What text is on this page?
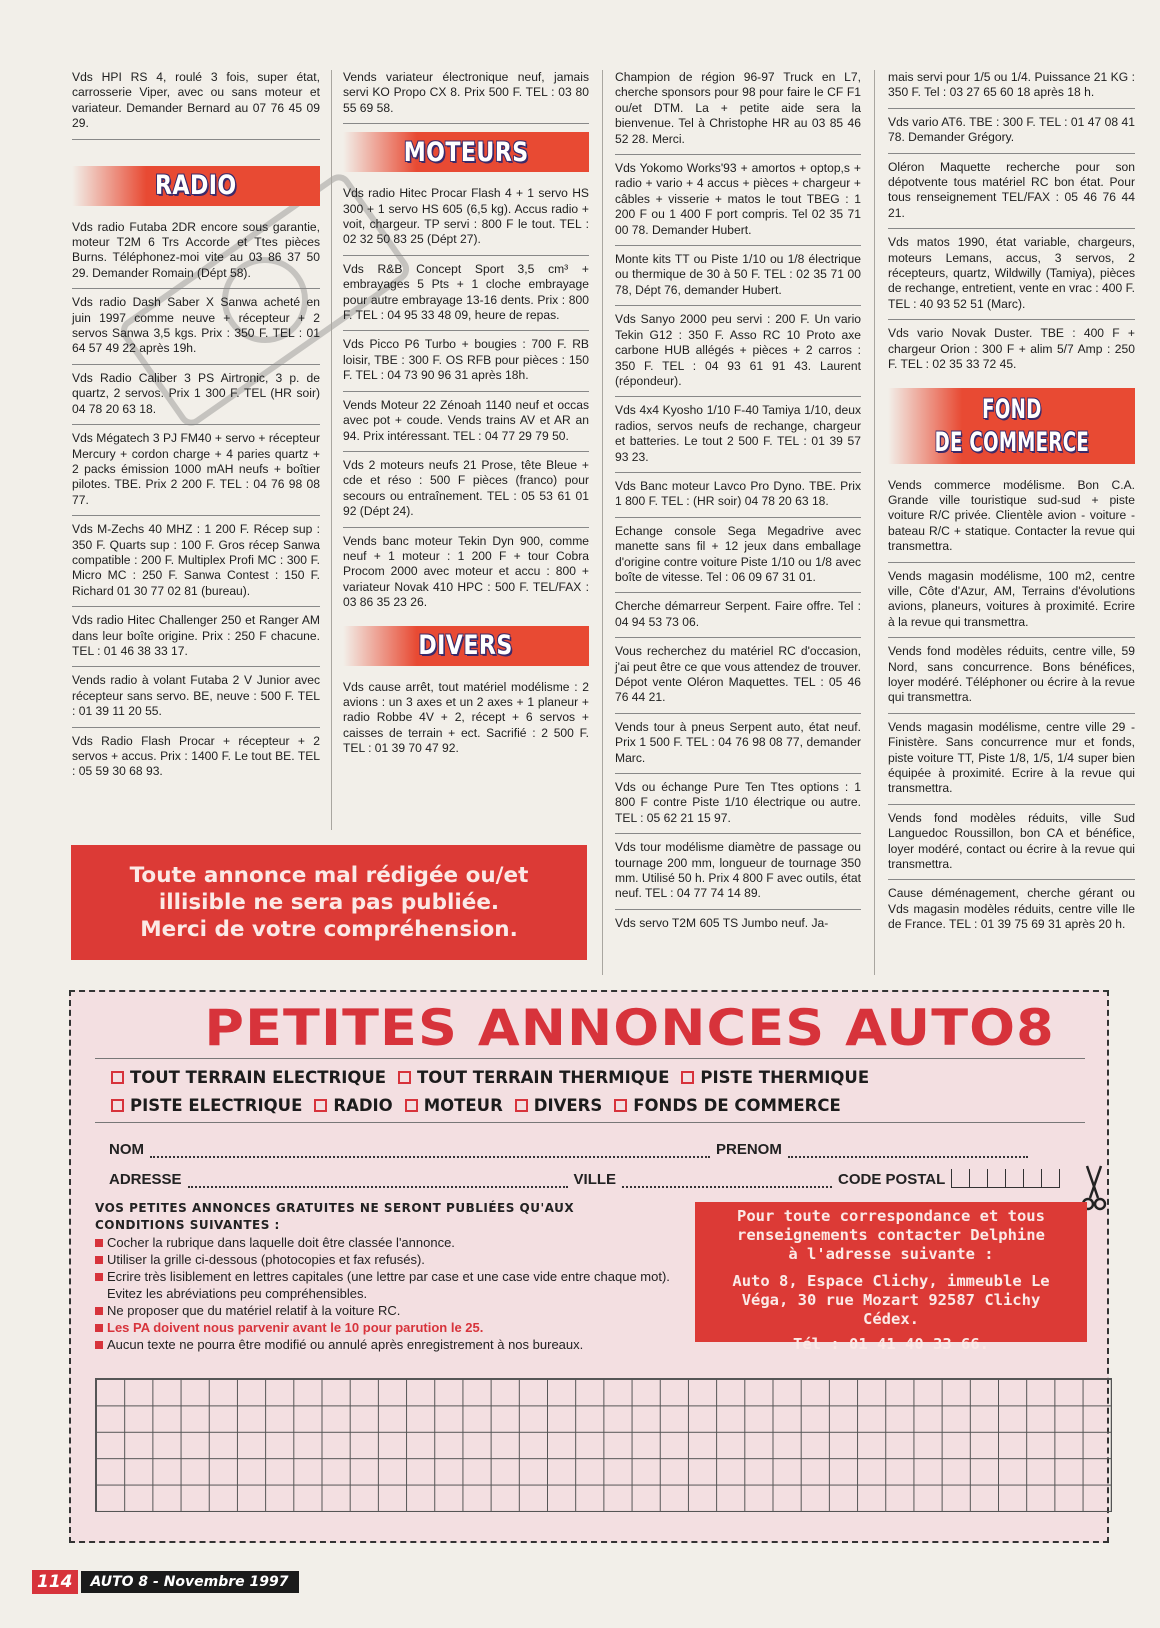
Vds HPI RS 4, roulé 3 fois, super état, carrosserie Viper, avec ou sans moteur et variateur. Demander Bernard au 07 76 45 09 29.

RADIO

Vds radio Futaba 2DR encore sous garantie, moteur T2M 6 Trs Accorde et Ttes pièces Burns. Téléphonez-moi vite au 03 86 37 50 29. Demander Romain (Dépt 58).

Vds radio Dash Saber X Sanwa acheté en juin 1997 comme neuve + récepteur + 2 servos Sanwa 3,5 kgs. Prix : 350 F. TEL : 01 64 57 49 22 après 19h.

Vds Radio Caliber 3 PS Airtronic, 3 p. de quartz, 2 servos. Prix 1 300 F. TEL (HR soir) 04 78 20 63 18.

Vds Mégatech 3 PJ FM40 + servo + récepteur Mercury + cordon charge + 4 paries quartz + 2 packs émission 1000 mAH neufs + boîtier pilotes. TBE. Prix 2 200 F. TEL : 04 76 98 08 77.

Vds M-Zechs 40 MHZ : 1 200 F. Récep sup : 350 F. Quarts sup : 100 F. Gros récep Sanwa compatible : 200 F. Multiplex Profi MC : 300 F. Micro MC : 250 F. Sanwa Contest : 150 F. Richard 01 30 77 02 81 (bureau).

Vds radio Hitec Challenger 250 et Ranger AM dans leur boîte origine. Prix : 250 F chacune. TEL : 01 46 38 33 17.

Vends radio à volant Futaba 2 V Junior avec récepteur sans servo. BE, neuve : 500 F. TEL : 01 39 11 20 55.

Vds Radio Flash Procar + récepteur + 2 servos + accus. Prix : 1400 F. Le tout BE. TEL : 05 59 30 68 93.

Vends variateur électronique neuf, jamais servi KO Propo CX 8. Prix 500 F. TEL : 03 80 55 69 58.

MOTEURS

Vds radio Hitec Procar Flash 4 + 1 servo HS 300 + 1 servo HS 605 (6,5 kg). Accus radio + voit, chargeur. TP servi : 800 F le tout. TEL : 02 32 50 83 25 (Dépt 27).

Vds R&B Concept Sport 3,5 cm³ + embrayages 5 Pts + 1 cloche embrayage pour autre embrayage 13-16 dents. Prix : 800 F. TEL : 04 95 33 48 09, heure de repas.

Vds Picco P6 Turbo + bougies : 700 F. RB loisir, TBE : 300 F. OS RFB pour pièces : 150 F. TEL : 04 73 90 96 31 après 18h.

Vends Moteur 22 Zénoah 1140 neuf et occas avec pot + coude. Vends trains AV et AR an 94. Prix intéressant. TEL : 04 77 29 79 50.

Vds 2 moteurs neufs 21 Prose, tête Bleue + cde et réso : 500 F pièces (franco) pour secours ou entraînement. TEL : 05 53 61 01 92 (Dépt 24).

Vends banc moteur Tekin Dyn 900, comme neuf + 1 moteur : 1 200 F + tour Cobra Procom 2000 avec moteur et accu : 800 + variateur Novak 410 HPC : 500 F. TEL/FAX : 03 86 35 23 26.

DIVERS

Vds cause arrêt, tout matériel modélisme : 2 avions : un 3 axes et un 2 axes + 1 planeur + radio Robbe 4V + 2, récept + 6 servos + caisses de terrain + ect. Sacrifié : 2 500 F. TEL : 01 39 70 47 92.

Champion de région 96-97 Truck en L7, cherche sponsors pour 98 pour faire le CF F1 ou/et DTM. La + petite aide sera la bienvenue. Tel à Christophe HR au 03 85 46 52 28. Merci.

Vds Yokomo Works'93 + amortos + optop,s + radio + vario + 4 accus + pièces + chargeur + câbles + visserie + matos le tout TBEG : 1 200 F ou 1 400 F port compris. Tel 02 35 71 00 78. Demander Hubert.

Monte kits TT ou Piste 1/10 ou 1/8 électrique ou thermique de 30 à 50 F. TEL : 02 35 71 00 78, Dépt 76, demander Hubert.

Vds Sanyo 2000 peu servi : 200 F. Un vario Tekin G12 : 350 F. Asso RC 10 Proto axe carbone HUB allégés + pièces + 2 carros : 350 F. TEL : 04 93 61 91 43. Laurent (répondeur).

Vds 4x4 Kyosho 1/10 F-40 Tamiya 1/10, deux radios, servos neufs de rechange, chargeur et batteries. Le tout 2 500 F. TEL : 01 39 57 93 23.

Vds Banc moteur Lavco Pro Dyno. TBE. Prix 1 800 F. TEL : (HR soir) 04 78 20 63 18.

Echange console Sega Megadrive avec manette sans fil + 12 jeux dans emballage d'origine contre voiture Piste 1/10 ou 1/8 avec boîte de vitesse. Tel : 06 09 67 31 01.

Cherche démarreur Serpent. Faire offre. Tel : 04 94 53 73 06.

Vous recherchez du matériel RC d'occasion, j'ai peut être ce que vous attendez de trouver. Dépot vente Oléron Maquettes. TEL : 05 46 76 44 21.

Vends tour à pneus Serpent auto, état neuf. Prix 1 500 F. TEL : 04 76 98 08 77, demander Marc.

Vds ou échange Pure Ten Ttes options : 1 800 F contre Piste 1/10 électrique ou autre. TEL : 05 62 21 15 97.

Vds tour modélisme diamètre de passage ou tournage 200 mm, longueur de tournage 350 mm. Utilisé 50 h. Prix 4 800 F avec outils, état neuf. TEL : 04 77 74 14 89.

Vds servo T2M 605 TS Jumbo neuf. Ja-

mais servi pour 1/5 ou 1/4. Puissance 21 KG : 350 F. Tel : 03 27 65 60 18 après 18 h.

Vds vario AT6. TBE : 300 F. TEL : 01 47 08 41 78. Demander Grégory.

Oléron Maquette recherche pour son dépotvente tous matériel RC bon état. Pour tous renseignement TEL/FAX : 05 46 76 44 21.

Vds matos 1990, état variable, chargeurs, moteurs Lemans, accus, 3 servos, 2 récepteurs, quartz, Wildwilly (Tamiya), pièces de rechange, entretient, vente en vrac : 400 F. TEL : 40 93 52 51 (Marc).

Vds vario Novak Duster. TBE : 400 F + chargeur Orion : 300 F + alim 5/7 Amp : 250 F. TEL : 02 35 33 72 45.

FOND
DE COMMERCE

Vends commerce modélisme. Bon C.A. Grande ville touristique sud-sud + piste voiture R/C privée. Clientèle avion - voiture - bateau R/C + statique. Contacter la revue qui transmettra.

Vends magasin modélisme, 100 m2, centre ville, Côte d'Azur, AM, Terrains d'évolutions avions, planeurs, voitures à proximité. Ecrire à la revue qui transmettra.

Vends fond modèles réduits, centre ville, 59 Nord, sans concurrence. Bons bénéfices, loyer modéré. Téléphoner ou écrire à la revue qui transmettra.

Vends magasin modélisme, centre ville 29 - Finistère. Sans concurrence mur et fonds, piste voiture TT, Piste 1/8, 1/5, 1/4 super bien équipée à proximité. Ecrire à la revue qui transmettra.

Vends fond modèles réduits, ville Sud Languedoc Roussillon, bon CA et bénéfice, loyer modéré, contact ou écrire à la revue qui transmettra.

Cause déménagement, cherche gérant ou Vds magasin modèles réduits, centre ville Ile de France. TEL : 01 39 75 69 31 après 20 h.

Toute annonce mal rédigée ou/et
illisible ne sera pas publiée.
Merci de votre compréhension.
PETITES ANNONCES AUTO8
TOUT TERRAIN ELECTRIQUE TOUT TERRAIN THERMIQUE PISTE THERMIQUE
PISTE ELECTRIQUE RADIO MOTEUR DIVERS FONDS DE COMMERCE
NOM	PRENOM
ADRESSE	VILLE	CODE POSTAL
VOS PETITES ANNONCES GRATUITES NE SERONT PUBLIÉES QU'AUX
CONDITIONS SUIVANTES :
Cocher la rubrique dans laquelle doit être classée l'annonce.
Utiliser la grille ci-dessous (photocopies et fax refusés).
Ecrire très lisiblement en lettres capitales (une lettre par case et une case vide entre chaque mot). Evitez les abréviations peu compréhensibles.
Ne proposer que du matériel relatif à la voiture RC.
Les PA doivent nous parvenir avant le 10 pour parution le 25.
Aucun texte ne pourra être modifié ou annulé après enregistrement à nos bureaux.
Pour toute correspondance et tous
renseignements contacter Delphine
à l'adresse suivante :
Auto 8, Espace Clichy, immeuble Le
Véga, 30 rue Mozart 92587 Clichy
Cédex.
Tél : 01 41 40 33 66.
114	AUTO 8 - Novembre 1997
